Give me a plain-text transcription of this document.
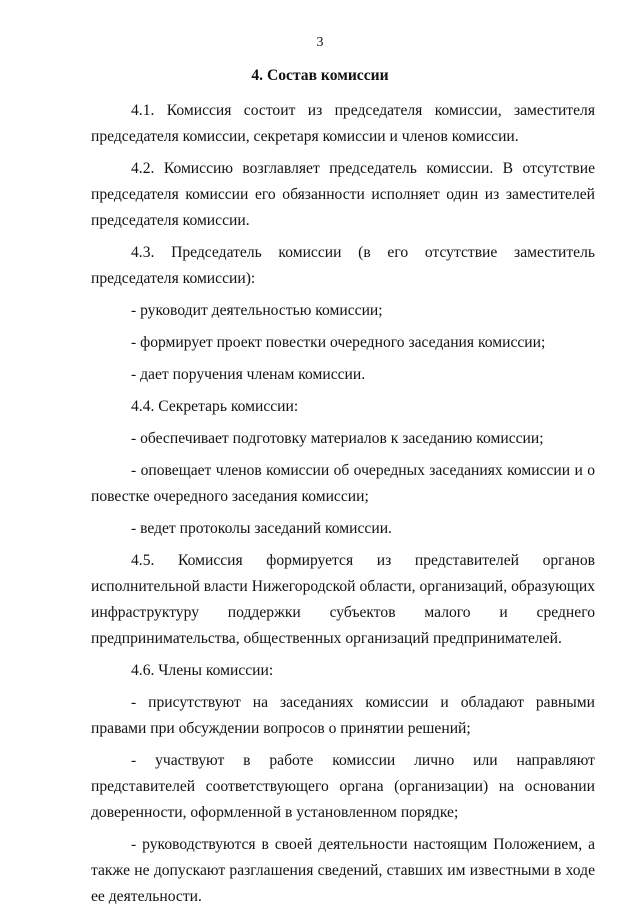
3
4. Состав комиссии

4.1. Комиссия состоит из председателя комиссии, заместителя председателя комиссии, секретаря комиссии и членов комиссии.

4.2. Комиссию возглавляет председатель комиссии. В отсутствие председателя комиссии его обязанности исполняет один из заместителей председателя комиссии.

4.3. Председатель комиссии (в его отсутствие заместитель председателя комиссии):

- руководит деятельностью комиссии;

- формирует проект повестки очередного заседания комиссии;

- дает поручения членам комиссии.

4.4. Секретарь комиссии:

- обеспечивает подготовку материалов к заседанию комиссии;

- оповещает членов комиссии об очередных заседаниях комиссии и о повестке очередного заседания комиссии;

- ведет протоколы заседаний комиссии.

4.5. Комиссия формируется из представителей органов исполнительной власти Нижегородской области, организаций, образующих инфраструктуру поддержки субъектов малого и среднего предпринимательства, общественных организаций предпринимателей.

4.6. Члены комиссии:

- присутствуют на заседаниях комиссии и обладают равными правами при обсуждении вопросов о принятии решений;

- участвуют в работе комиссии лично или направляют представителей соответствующего органа (организации) на основании доверенности, оформленной в установленном порядке;

- руководствуются в своей деятельности настоящим Положением, а также не допускают разглашения сведений, ставших им известными в ходе ее деятельности.
